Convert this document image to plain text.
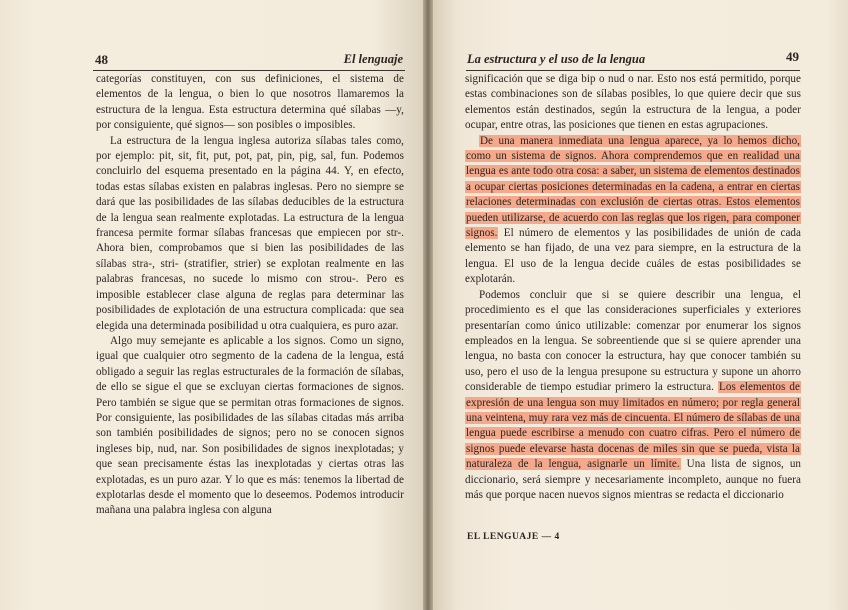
48	El lenguaje

categorías constituyen, con sus definiciones, el sistema de elementos de la lengua, o bien lo que nosotros llamaremos la estructura de la lengua. Esta estructura determina qué sílabas —y, por consiguiente, qué signos— son posibles o imposibles.

La estructura de la lengua inglesa autoriza sílabas tales como, por ejemplo: pit, sit, fit, put, pot, pat, pin, pig, sal, fun. Podemos concluirlo del esquema presentado en la página 44. Y, en efecto, todas estas sílabas existen en palabras inglesas. Pero no siempre se dará que las posibilidades de las sílabas deducibles de la estructura de la lengua sean realmente explotadas. La estructura de la lengua francesa permite formar sílabas francesas que empiecen por str-. Ahora bien, comprobamos que si bien las posibilidades de las sílabas stra-, stri- (stratifier, strier) se explotan realmente en las palabras francesas, no sucede lo mismo con strou-. Pero es imposible establecer clase alguna de reglas para determinar las posibilidades de explotación de una estructura complicada: que sea elegida una determinada posibilidad u otra cualquiera, es puro azar.

Algo muy semejante es aplicable a los signos. Como un signo, igual que cualquier otro segmento de la cadena de la lengua, está obligado a seguir las reglas estructurales de la formación de sílabas, de ello se sigue el que se excluyan ciertas formaciones de signos. Pero también se sigue que se permitan otras formaciones de signos. Por consiguiente, las posibilidades de las sílabas citadas más arriba son también posibilidades de signos; pero no se conocen signos ingleses bip, nud, nar. Son posibilidades de signos inexplotadas; y que sean precisamente éstas las inexplotadas y ciertas otras las explotadas, es un puro azar. Y lo que es más: tenemos la libertad de explotarlas desde el momento que lo deseemos. Podemos introducir mañana una palabra inglesa con alguna

La estructura y el uso de la lengua	49

significación que se diga bip o nud o nar. Esto nos está permitido, porque estas combinaciones son de sílabas posibles, lo que quiere decir que sus elementos están destinados, según la estructura de la lengua, a poder ocupar, entre otras, las posiciones que tienen en estas agrupaciones.

De una manera inmediata una lengua aparece, ya lo hemos dicho, como un sistema de signos. Ahora comprendemos que en realidad una lengua es ante todo otra cosa: a saber, un sistema de elementos destinados a ocupar ciertas posiciones determinadas en la cadena, a entrar en ciertas relaciones determinadas con exclusión de ciertas otras. Estos elementos pueden utilizarse, de acuerdo con las reglas que los rigen, para componer signos. El número de elementos y las posibilidades de unión de cada elemento se han fijado, de una vez para siempre, en la estructura de la lengua. El uso de la lengua decide cuáles de estas posibilidades se explotarán.

Podemos concluir que si se quiere describir una lengua, el procedimiento es el que las consideraciones superficiales y exteriores presentarían como único utilizable: comenzar por enumerar los signos empleados en la lengua. Se sobreentiende que si se quiere aprender una lengua, no basta con conocer la estructura, hay que conocer también su uso, pero el uso de la lengua presupone su estructura y supone un ahorro considerable de tiempo estudiar primero la estructura. Los elementos de expresión de una lengua son muy limitados en número; por regla general una veintena, muy rara vez más de cincuenta. El número de sílabas de una lengua puede escribirse a menudo con cuatro cifras. Pero el número de signos puede elevarse hasta docenas de miles sin que se pueda, vista la naturaleza de la lengua, asignarle un límite. Una lista de signos, un diccionario, será siempre y necesariamente incompleto, aunque no fuera más que porque nacen nuevos signos mientras se redacta el diccionario

EL LENGUAJE — 4
